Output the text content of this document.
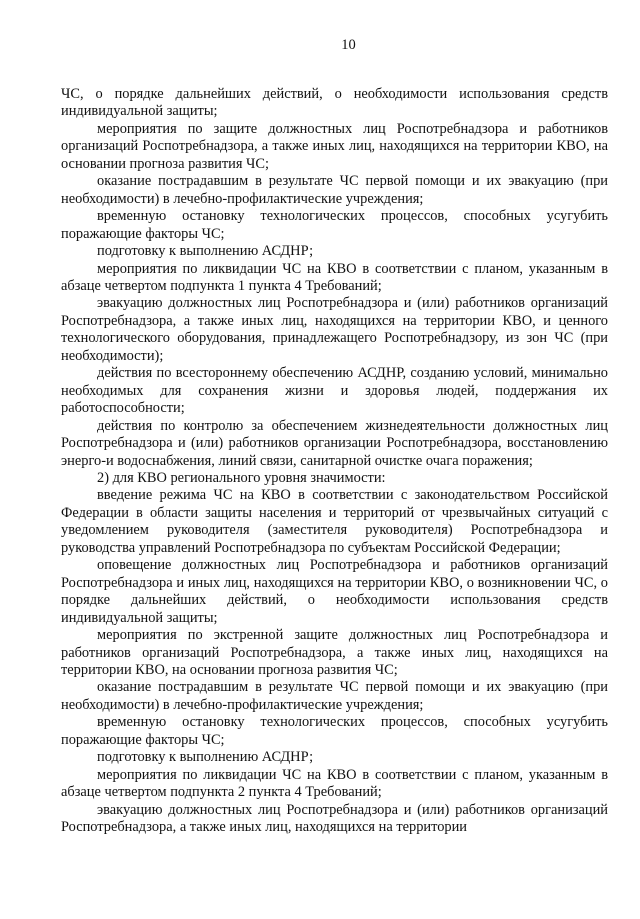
10

ЧС, о порядке дальнейших действий, о необходимости использования средств индивидуальной защиты;

мероприятия по защите должностных лиц Роспотребнадзора и работников организаций Роспотребнадзора, а также иных лиц, находящихся на территории КВО, на основании прогноза развития ЧС;

оказание пострадавшим в результате ЧС первой помощи и их эвакуацию (при необходимости) в лечебно-профилактические учреждения;

временную остановку технологических процессов, способных усугубить поражающие факторы ЧС;

подготовку к выполнению АСДНР;

мероприятия по ликвидации ЧС на КВО в соответствии с планом, указанным в абзаце четвертом подпункта 1 пункта 4 Требований;

эвакуацию должностных лиц Роспотребнадзора и (или) работников организаций Роспотребнадзора, а также иных лиц, находящихся на территории КВО, и ценного технологического оборудования, принадлежащего Роспотребнадзору, из зон ЧС (при необходимости);

действия по всестороннему обеспечению АСДНР, созданию условий, минимально необходимых для сохранения жизни и здоровья людей, поддержания их работоспособности;

действия по контролю за обеспечением жизнедеятельности должностных лиц Роспотребнадзора и (или) работников организации Роспотребнадзора, восстановлению энерго-и водоснабжения, линий связи, санитарной очистке очага поражения;

2) для КВО регионального уровня значимости:

введение режима ЧС на КВО в соответствии с законодательством Российской Федерации в области защиты населения и территорий от чрезвычайных ситуаций с уведомлением руководителя (заместителя руководителя) Роспотребнадзора и руководства управлений Роспотребнадзора по субъектам Российской Федерации;

оповещение должностных лиц Роспотребнадзора и работников организаций Роспотребнадзора и иных лиц, находящихся на территории КВО, о возникновении ЧС, о порядке дальнейших действий, о необходимости использования средств индивидуальной защиты;

мероприятия по экстренной защите должностных лиц Роспотребнадзора и работников организаций Роспотребнадзора, а также иных лиц, находящихся на территории КВО, на основании прогноза развития ЧС;

оказание пострадавшим в результате ЧС первой помощи и их эвакуацию (при необходимости) в лечебно-профилактические учреждения;

временную остановку технологических процессов, способных усугубить поражающие факторы ЧС;

подготовку к выполнению АСДНР;

мероприятия по ликвидации ЧС на КВО в соответствии с планом, указанным в абзаце четвертом подпункта 2 пункта 4 Требований;

эвакуацию должностных лиц Роспотребнадзора и (или) работников организаций Роспотребнадзора, а также иных лиц, находящихся на территории
